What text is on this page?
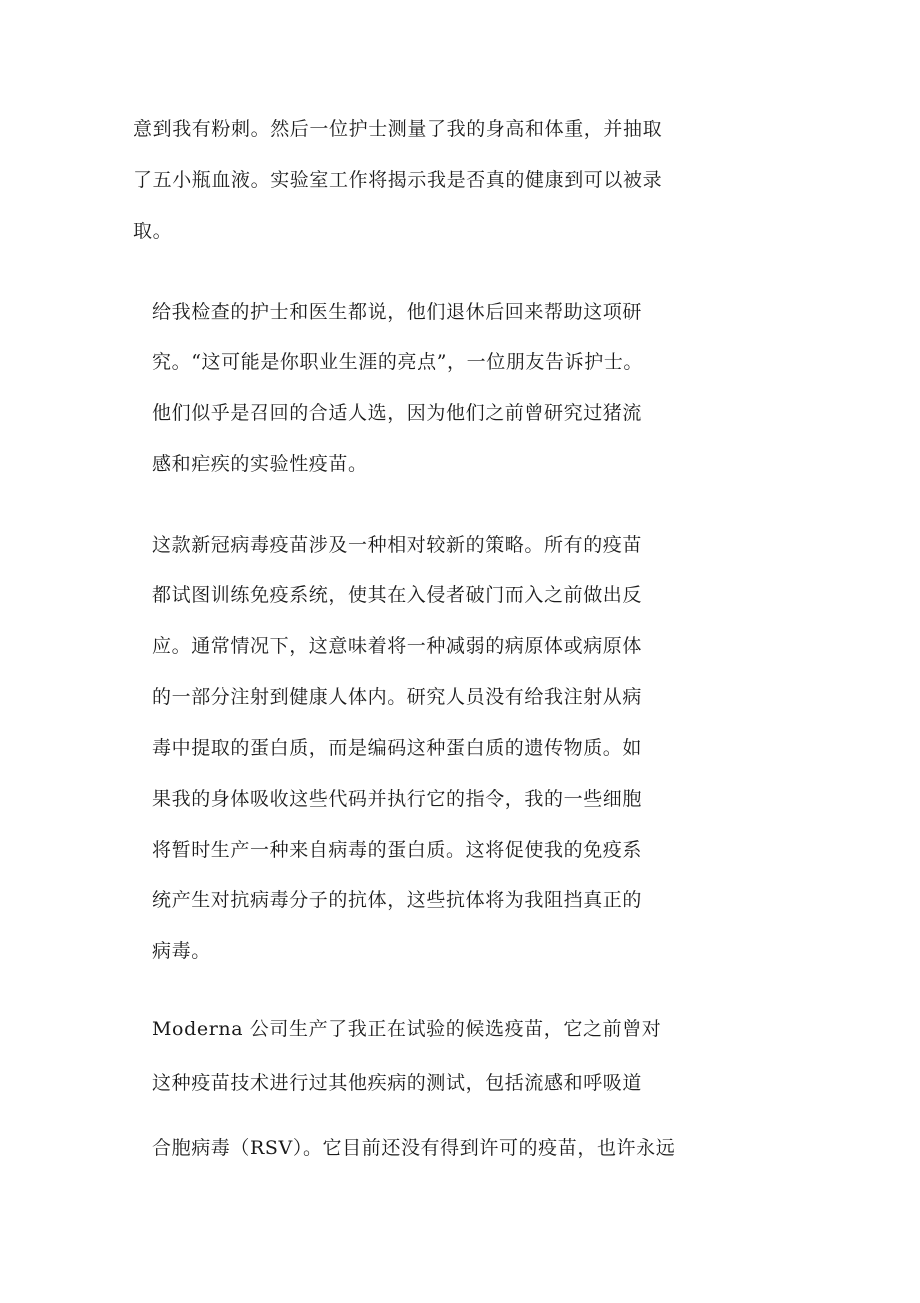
意到我有粉刺。然后一位护士测量了我的身高和体重，并抽取
了五小瓶血液。实验室工作将揭示我是否真的健康到可以被录
取。
给我检查的护士和医生都说，他们退休后回来帮助这项研
究。“这可能是你职业生涯的亮点”，一位朋友告诉护士。
他们似乎是召回的合适人选，因为他们之前曾研究过猪流
感和疟疾的实验性疫苗。
这款新冠病毒疫苗涉及一种相对较新的策略。所有的疫苗
都试图训练免疫系统，使其在入侵者破门而入之前做出反
应。通常情况下，这意味着将一种减弱的病原体或病原体
的一部分注射到健康人体内。研究人员没有给我注射从病
毒中提取的蛋白质，而是编码这种蛋白质的遗传物质。如
果我的身体吸收这些代码并执行它的指令，我的一些细胞
将暂时生产一种来自病毒的蛋白质。这将促使我的免疫系
统产生对抗病毒分子的抗体，这些抗体将为我阻挡真正的
病毒。
Moderna 公司生产了我正在试验的候选疫苗，它之前曾对
这种疫苗技术进行过其他疾病的测试，包括流感和呼吸道
合胞病毒（RSV）。它目前还没有得到许可的疫苗，也许永远
